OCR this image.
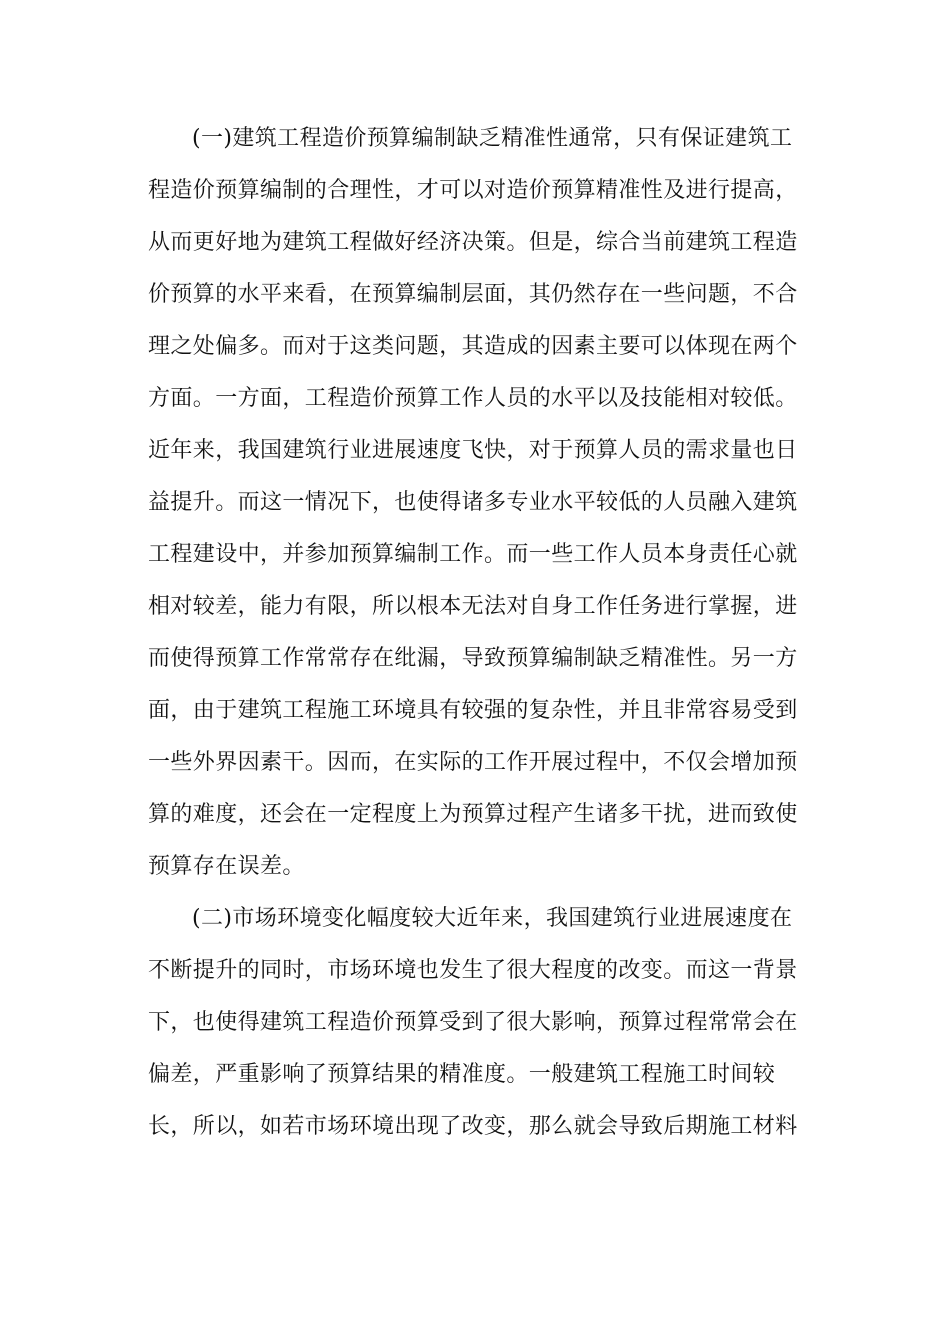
(一)建筑工程造价预算编制缺乏精准性通常，只有保证建筑工
程造价预算编制的合理性，才可以对造价预算精准性及进行提高，
从而更好地为建筑工程做好经济决策。但是，综合当前建筑工程造
价预算的水平来看，在预算编制层面，其仍然存在一些问题，不合
理之处偏多。而对于这类问题，其造成的因素主要可以体现在两个
方面。一方面，工程造价预算工作人员的水平以及技能相对较低。
近年来，我国建筑行业进展速度飞快，对于预算人员的需求量也日
益提升。而这一情况下，也使得诸多专业水平较低的人员融入建筑
工程建设中，并参加预算编制工作。而一些工作人员本身责任心就
相对较差，能力有限，所以根本无法对自身工作任务进行掌握，进
而使得预算工作常常存在纰漏，导致预算编制缺乏精准性。另一方
面，由于建筑工程施工环境具有较强的复杂性，并且非常容易受到
一些外界因素干。因而，在实际的工作开展过程中，不仅会增加预
算的难度，还会在一定程度上为预算过程产生诸多干扰，进而致使
预算存在误差。
(二)市场环境变化幅度较大近年来，我国建筑行业进展速度在
不断提升的同时，市场环境也发生了很大程度的改变。而这一背景
下，也使得建筑工程造价预算受到了很大影响，预算过程常常会在
偏差，严重影响了预算结果的精准度。一般建筑工程施工时间较
长，所以，如若市场环境出现了改变，那么就会导致后期施工材料
